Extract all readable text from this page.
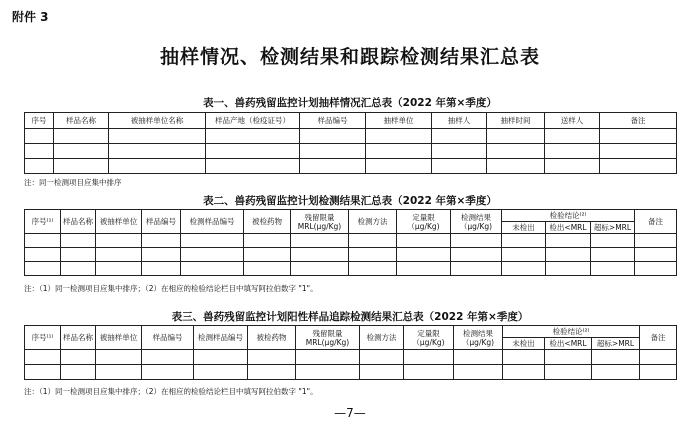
附件 3
抽样情况、检测结果和跟踪检测结果汇总表
表一、兽药残留监控计划抽样情况汇总表（2022 年第×季度）
序号	样品名称	被抽样单位名称	样品产地（检疫证号）	样品编号	抽样单位	抽样人	抽样时间	送样人	备注

注：同一检测项目应集中排序
表二、兽药残留监控计划检测结果汇总表（2022 年第×季度）
序号⁽¹⁾	样品名称	被抽样单位	样品编号	检测样品编号	被检药物	残留限量 MRL(μg/Kg)	检测方法	定量限（μg/Kg)	检测结果（μg/Kg)	检验结论⁽²⁾			备注
										未检出	检出<MRL	超标>MRL	

注：（1）同一检测项目应集中排序；（2）在相应的检验结论栏目中填写阿拉伯数字 "1"。
表三、兽药残留监控计划阳性样品追踪检测结果汇总表（2022 年第×季度）
序号⁽¹⁾	样品名称	被抽样单位	样品编号	检测样品编号	被检药物	残留限量 MRL(μg/Kg)	检测方法	定量限（μg/Kg)	检测结果（μg/Kg)	检验结论⁽²⁾			备注
										未检出	检出<MRL	超标>MRL	

注：（1）同一检测项目应集中排序；（2）在相应的检验结论栏目中填写阿拉伯数字 "1"。
—7—
